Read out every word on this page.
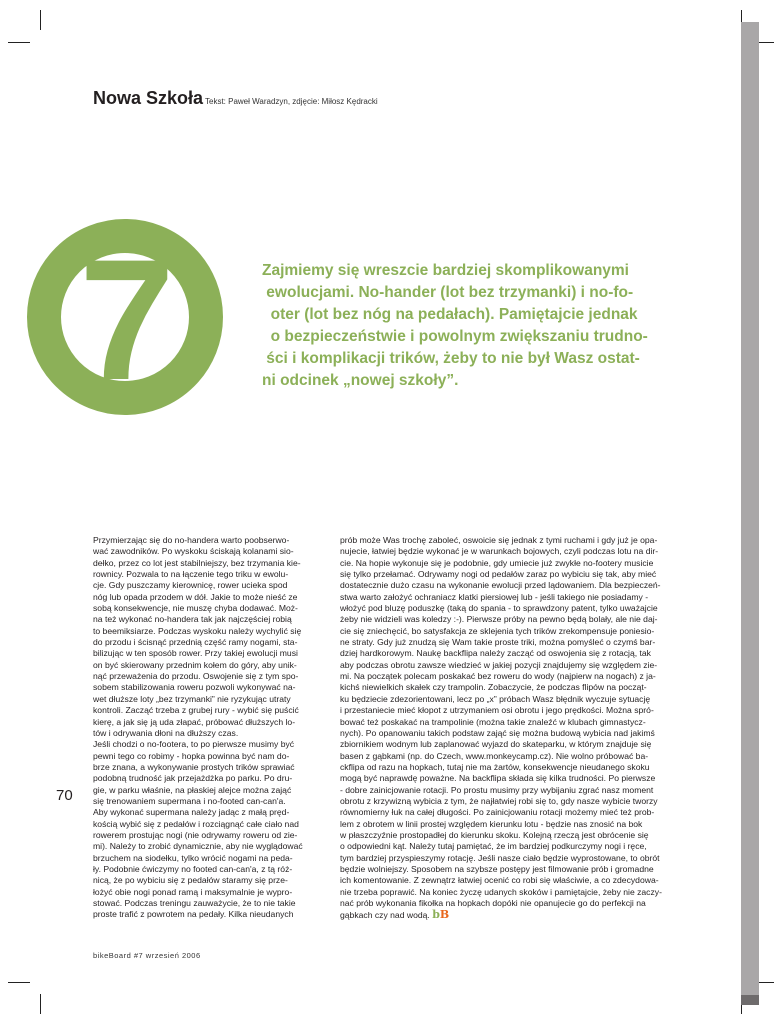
Nowa Szkoła Tekst: Paweł Waradzyn, zdjęcie: Miłosz Kędracki
7	Zajmiemy się wreszcie bardziej skomplikowanymi
ewolucjami. No-hander (lot bez trzymanki) i no-fo-
oter (lot bez nóg na pedałach). Pamiętajcie jednak
o bezpieczeństwie i powolnym zwiększaniu trudno-
ści i komplikacji trików, żeby to nie był Wasz ostat-
ni odcinek „nowej szkoły”.
Przymierzając się do no-handera warto poobserwo-
wać zawodników. Po wyskoku ściskają kolanami sio-
dełko, przez co lot jest stabilniejszy, bez trzymania kie-
rownicy. Pozwala to na łączenie tego triku w ewolu-
cje. Gdy puszczamy kierownicę, rower ucieka spod
nóg lub opada przodem w dół. Jakie to może nieść ze
sobą konsekwencje, nie muszę chyba dodawać. Moż-
na też wykonać no-handera tak jak najczęściej robią
to beemiksiarze. Podczas wyskoku należy wychylić się
do przodu i ścisnąć przednią część ramy nogami, sta-
bilizując w ten sposób rower. Przy takiej ewolucji musi
on być skierowany przednim kołem do góry, aby unik-
nąć przeważenia do przodu. Oswojenie się z tym spo-
sobem stabilizowania roweru pozwoli wykonywać na-
wet dłuższe loty „bez trzymanki” nie ryzykując utraty
kontroli. Zacząć trzeba z grubej rury - wybić się puścić
kierę, a jak się ją uda złapać, próbować dłuższych lo-
tów i odrywania dłoni na dłuższy czas.
Jeśli chodzi o no-footera, to po pierwsze musimy być
pewni tego co robimy - hopka powinna być nam do-
brze znana, a wykonywanie prostych trików sprawiać
podobną trudność jak przejażdżka po parku. Po dru-
gie, w parku właśnie, na płaskiej alejce można zająć
się trenowaniem supermana i no-footed can-can'a.
Aby wykonać supermana należy jadąc z małą pręd-
kością wybić się z pedałów i rozciągnąć całe ciało nad
rowerem prostując nogi (nie odrywamy roweru od zie-
mi). Należy to zrobić dynamicznie, aby nie wyglądować
brzuchem na siodełku, tylko wrócić nogami na peda-
ły. Podobnie ćwiczymy no footed can-can'a, z tą róż-
nicą, że po wybiciu się z pedałów staramy się prze-
łożyć obie nogi ponad ramą i maksymalnie je wypro-
stować. Podczas treningu zauważycie, że to nie takie
proste trafić z powrotem na pedały. Kilka nieudanych
prób może Was trochę zaboleć, oswoicie się jednak z tymi ruchami i gdy już je opa-
nujecie, łatwiej będzie wykonać je w warunkach bojowych, czyli podczas lotu na dir-
cie. Na hopie wykonuje się je podobnie, gdy umiecie już zwykłe no-footery musicie
się tylko przełamać. Odrywamy nogi od pedałów zaraz po wybiciu się tak, aby mieć
dostatecznie dużo czasu na wykonanie ewolucji przed lądowaniem. Dla bezpieczeń-
stwa warto założyć ochraniacz klatki piersiowej lub - jeśli takiego nie posiadamy -
włożyć pod bluzę poduszkę (taką do spania - to sprawdzony patent, tylko uważajcie
żeby nie widzieli was koledzy :-). Pierwsze próby na pewno będą bolały, ale nie daj-
cie się zniechęcić, bo satysfakcja ze sklejenia tych trików zrekompensuje poniesio-
ne straty. Gdy już znudzą się Wam takie proste triki, można pomyśleć o czymś bar-
dziej hardkorowym. Naukę backflipa należy zacząć od oswojenia się z rotacją, tak
aby podczas obrotu zawsze wiedzieć w jakiej pozycji znajdujemy się względem zie-
mi. Na początek polecam poskakać bez roweru do wody (najpierw na nogach) z ja-
kichś niewielkich skałek czy trampolin. Zobaczycie, że podczas flipów na począt-
ku będziecie zdezorientowani, lecz po „x” próbach Wasz błędnik wyczuje sytuację
i przestaniecie mieć kłopot z utrzymaniem osi obrotu i jego prędkości. Można spró-
bować też poskakać na trampolinie (można takie znaleźć w klubach gimnastycz-
nych). Po opanowaniu takich podstaw zająć się można budową wybicia nad jakimś
zbiornikiem wodnym lub zaplanować wyjazd do skateparku, w którym znajduje się
basen z gąbkami (np. do Czech, www.monkeycamp.cz). Nie wolno próbować ba-
ckflipa od razu na hopkach, tutaj nie ma żartów, konsekwencje nieudanego skoku
mogą być naprawdę poważne. Na backflipa składa się kilka trudności. Po pierwsze
- dobre zainicjowanie rotacji. Po prostu musimy przy wybijaniu zgrać nasz moment
obrotu z krzywizną wybicia z tym, że najłatwiej robi się to, gdy nasze wybicie tworzy
równomierny łuk na całej długości. Po zainicjowaniu rotacji możemy mieć też prob-
lem z obrotem w linii prostej względem kierunku lotu - będzie nas znosić na bok
w płaszczyźnie prostopadłej do kierunku skoku. Kolejną rzeczą jest obrócenie się
o odpowiedni kąt. Należy tutaj pamiętać, że im bardziej podkurczymy nogi i ręce,
tym bardziej przyspieszymy rotację. Jeśli nasze ciało będzie wyprostowane, to obrót
będzie wolniejszy. Sposobem na szybsze postępy jest filmowanie prób i gromadne
ich komentowanie. Z zewnątrz łatwiej ocenić co robi się właściwie, a co zdecydowa-
nie trzeba poprawić. Na koniec życzę udanych skoków i pamiętajcie, żeby nie zaczy-
nać prób wykonania fikołka na hopkach dopóki nie opanujecie go do perfekcji na
gąbkach czy nad wodą. bB
70
bikeBoard #7 wrzesień 2006
